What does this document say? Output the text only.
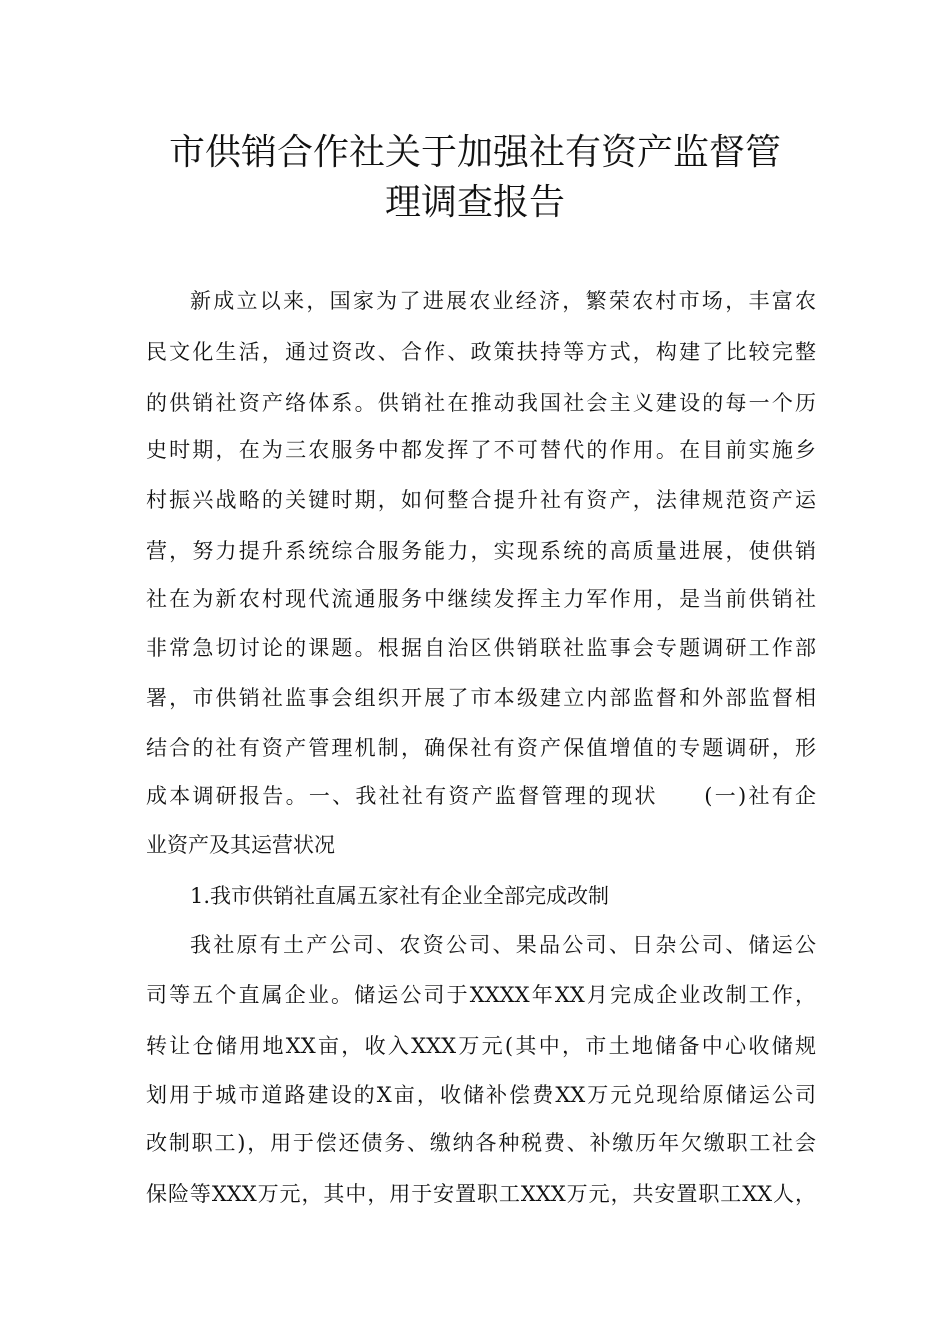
市供销合作社关于加强社有资产监督管
理调查报告
新成立以来，国家为了进展农业经济，繁荣农村市场，丰富农
民文化生活，通过资改、合作、政策扶持等方式，构建了比较完整
的供销社资产络体系。供销社在推动我国社会主义建设的每一个历
史时期，在为三农服务中都发挥了不可替代的作用。在目前实施乡
村振兴战略的关键时期，如何整合提升社有资产，法律规范资产运
营，努力提升系统综合服务能力，实现系统的高质量进展，使供销
社在为新农村现代流通服务中继续发挥主力军作用，是当前供销社
非常急切讨论的课题。根据自治区供销联社监事会专题调研工作部
署，市供销社监事会组织开展了市本级建立内部监督和外部监督相
结合的社有资产管理机制，确保社有资产保值增值的专题调研，形
成本调研报告。一、我社社有资产监督管理的现状　　(一)社有企
业资产及其运营状况
1.我市供销社直属五家社有企业全部完成改制
我社原有土产公司、农资公司、果品公司、日杂公司、储运公
司等五个直属企业。储运公司于XXXX年XX月完成企业改制工作，
转让仓储用地XX亩，收入XXX万元(其中，市土地储备中心收储规
划用于城市道路建设的X亩，收储补偿费XX万元兑现给原储运公司
改制职工)，用于偿还债务、缴纳各种税费、补缴历年欠缴职工社会
保险等XXX万元，其中，用于安置职工XXX万元，共安置职工XX人，
